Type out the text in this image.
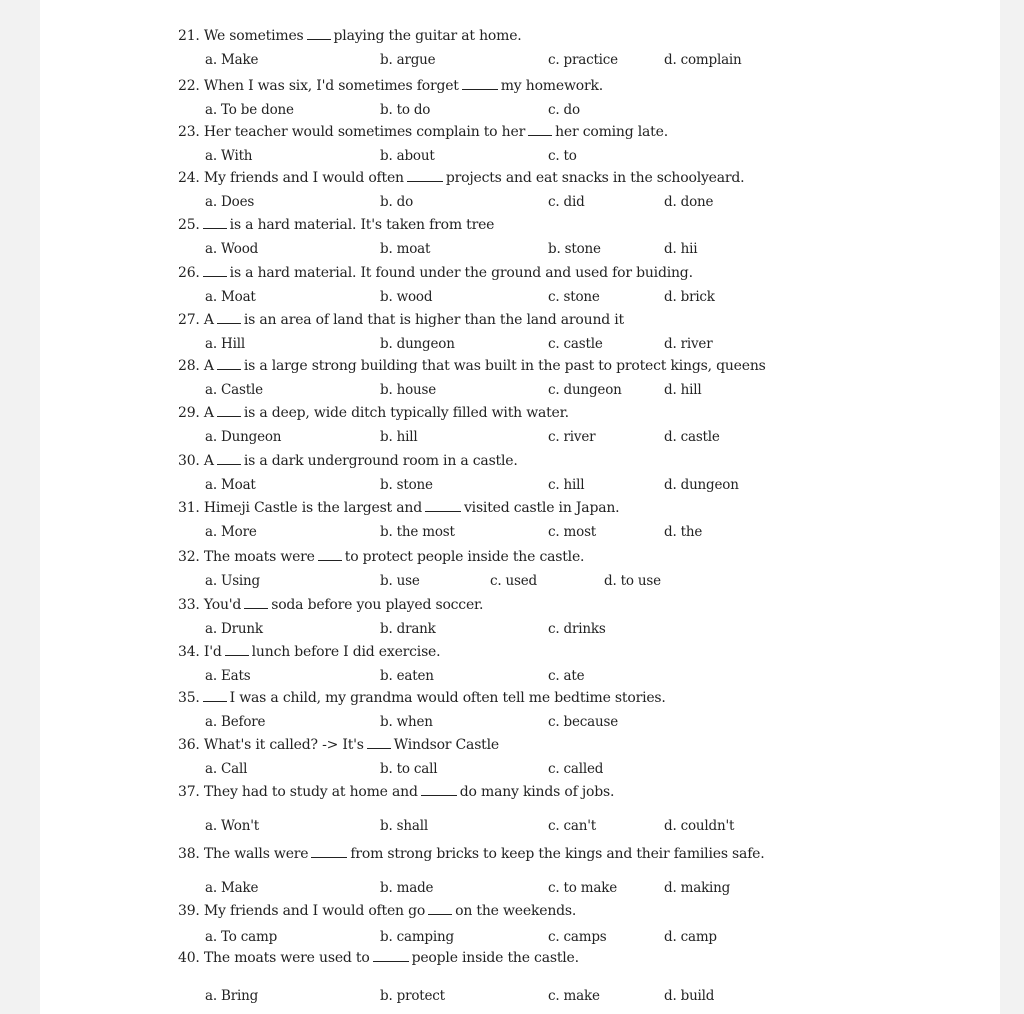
21. We sometimes playing the guitar at home.
a. Make	b. argue	c. practice	d. complain
22. When I was six, I'd sometimes forget	my homework.
a. To be done	b. to do	c. do
23. Her teacher would sometimes complain to her her coming late.
a. With	b. about	c. to
24. My friends and I would often	projects and eat snacks in the schoolyeard.
a. Does	b. do	c. did	d. done
25. is a hard material. It's taken from tree
a. Wood	b. moat	b. stone	d. hii
26. is a hard material. It found under the ground and used for buiding.
a. Moat	b. wood	c. stone	d. brick
27. A is an area of land that is higher than the land around it
a. Hill	b. dungeon	c. castle	d. river
28. A is a large strong building that was built in the past to protect kings, queens
a. Castle	b. house	c. dungeon	d. hill
29. A is a deep, wide ditch typically filled with water.
a. Dungeon	b. hill	c. river	d. castle
30. A is a dark underground room in a castle.
a. Moat	b. stone	c. hill	d. dungeon
31. Himeji Castle is the largest and	visited castle in Japan.
a. More	b. the most	c. most	d. the
32. The moats were to protect people inside the castle.
a. Using	b. use	c. used	d. to use
33. You'd soda before you played soccer.
a. Drunk	b. drank	c. drinks
34. I'd lunch before I did exercise.
a. Eats	b. eaten	c. ate
35. I was a child, my grandma would often tell me bedtime stories.
a. Before	b. when	c. because
36. What's it called? -> It's Windsor Castle
a. Call	b. to call	c. called
37. They had to study at home and	do many kinds of jobs.
a. Won't	b. shall	c. can't	d. couldn't
38. The walls were	from strong bricks to keep the kings and their families safe.
a. Make	b. made	c. to make	d. making
39. My friends and I would often go on the weekends.
a. To camp	b. camping	c. camps	d. camp
40. The moats were used to	people inside the castle.
a. Bring	b. protect	c. make	d. build
